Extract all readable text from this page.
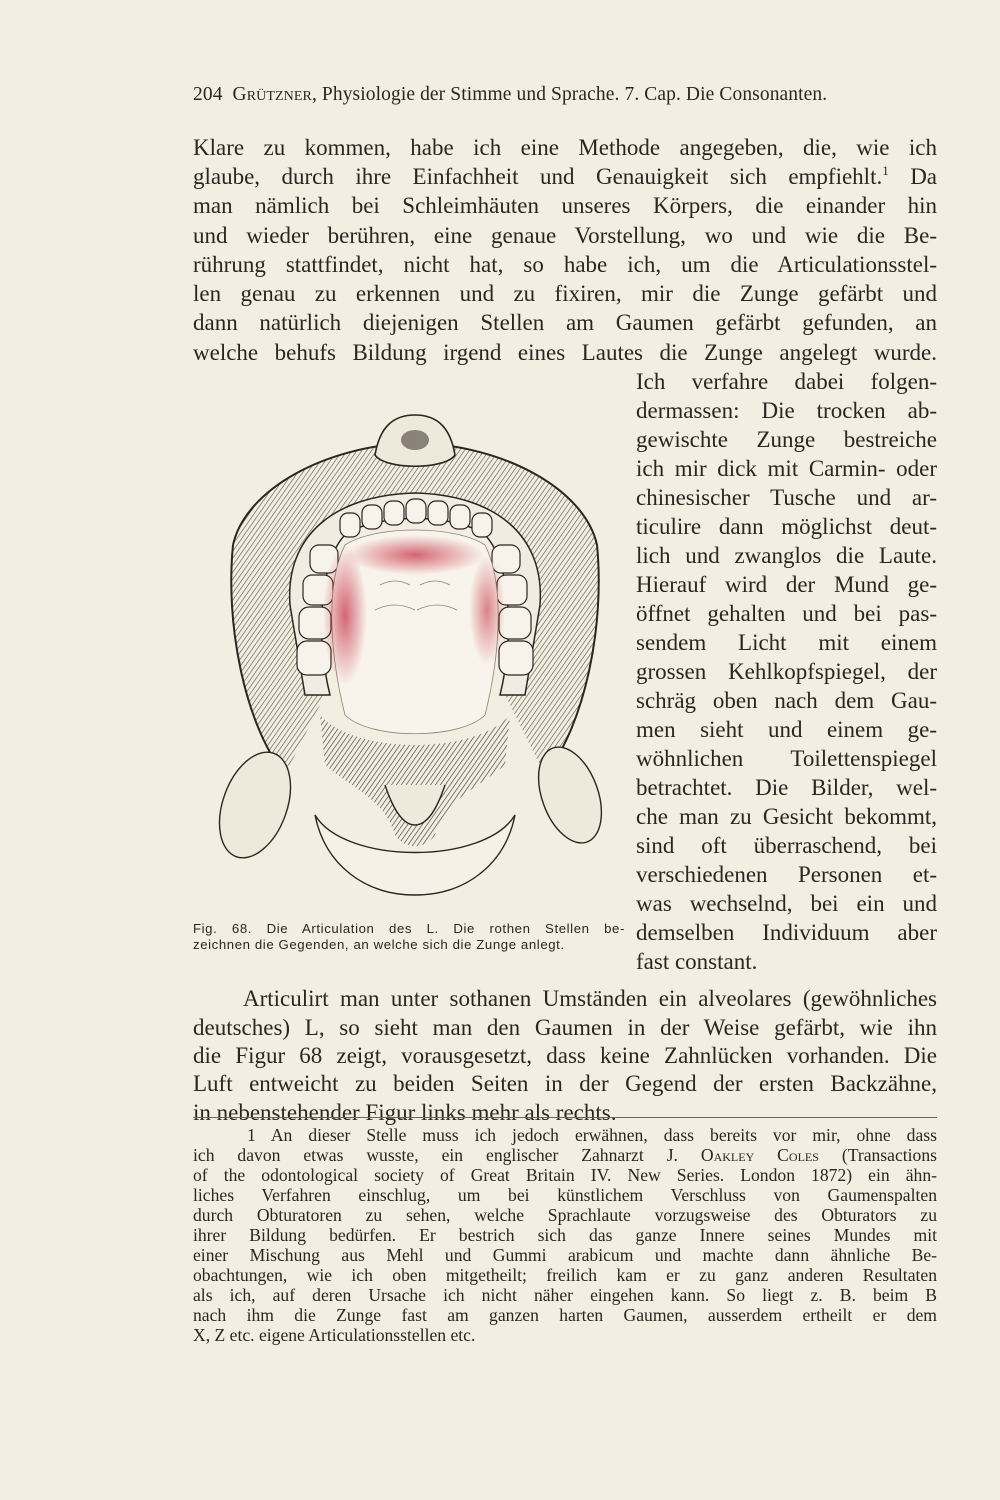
204 Grützner, Physiologie der Stimme und Sprache. 7. Cap. Die Consonanten.
Klare zu kommen, habe ich eine Methode angegeben, die, wie ich
glaube, durch ihre Einfachheit und Genauigkeit sich empfiehlt.$^1$ Da
man nämlich bei Schleimhäuten unseres Körpers, die einander hin
und wieder berühren, eine genaue Vorstellung, wo und wie die Be-
rührung stattfindet, nicht hat, so habe ich, um die Articulationsstel-
len genau zu erkennen und zu fixiren, mir die Zunge gefärbt und
dann natürlich diejenigen Stellen am Gaumen gefärbt gefunden, an
welche behufs Bildung irgend eines Lautes die Zunge angelegt wurde.
Ich verfahre dabei folgen-
dermassen: Die trocken ab-
gewischte Zunge bestreiche
ich mir dick mit Carmin- oder
chinesischer Tusche und ar-
ticulire dann möglichst deut-
lich und zwanglos die Laute.
Hierauf wird der Mund ge-
öffnet gehalten und bei pas-
sendem Licht mit einem
grossen Kehlkopfspiegel, der
schräg oben nach dem Gau-
men sieht und einem ge-
wöhnlichen Toilettenspiegel
betrachtet. Die Bilder, wel-
che man zu Gesicht bekommt,
sind oft überraschend, bei
verschiedenen Personen et-
was wechselnd, bei ein und
demselben Individuum aber
fast constant.
Fig. 68. Die Articulation des L. Die rothen Stellen be-
zeichnen die Gegenden, an welche sich die Zunge anlegt.
Articulirt man unter sothanen Umständen ein alveolares (gewöhnliches
deutsches) L, so sieht man den Gaumen in der Weise gefärbt, wie ihn
die Figur 68 zeigt, vorausgesetzt, dass keine Zahnlücken vorhanden. Die
Luft entweicht zu beiden Seiten in der Gegend der ersten Backzähne,
in nebenstehender Figur links mehr als rechts.
1 An dieser Stelle muss ich jedoch erwähnen, dass bereits vor mir, ohne dass
ich davon etwas wusste, ein englischer Zahnarzt J. Oakley Coles (Transactions
of the odontological society of Great Britain IV. New Series. London 1872) ein ähn-
liches Verfahren einschlug, um bei künstlichem Verschluss von Gaumenspalten
durch Obturatoren zu sehen, welche Sprachlaute vorzugsweise des Obturators zu
ihrer Bildung bedürfen. Er bestrich sich das ganze Innere seines Mundes mit
einer Mischung aus Mehl und Gummi arabicum und machte dann ähnliche Be-
obachtungen, wie ich oben mitgetheilt; freilich kam er zu ganz anderen Resultaten
als ich, auf deren Ursache ich nicht näher eingehen kann. So liegt z. B. beim B
nach ihm die Zunge fast am ganzen harten Gaumen, ausserdem ertheilt er dem
X, Z etc. eigene Articulationsstellen etc.
